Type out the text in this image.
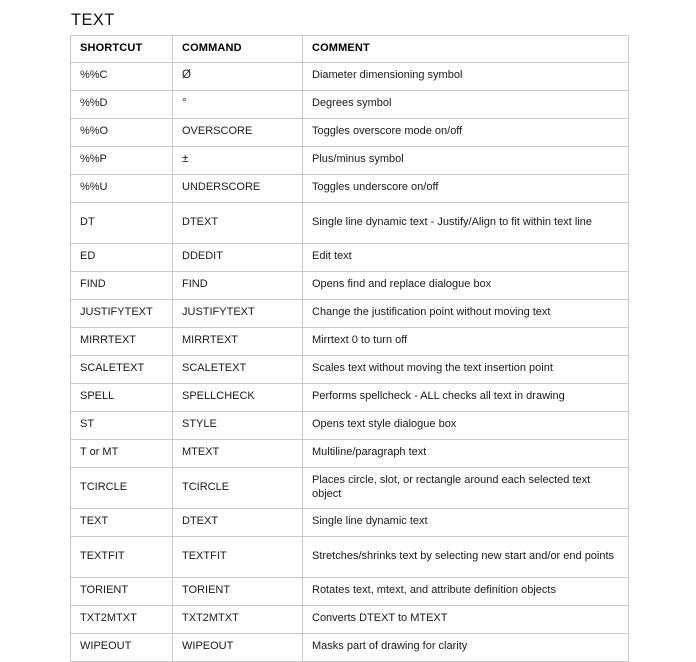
TEXT
SHORTCUT	COMMAND	COMMENT
%%C	Ø	Diameter dimensioning symbol
%%D	°	Degrees symbol
%%O	OVERSCORE	Toggles overscore mode on/off
%%P	±	Plus/minus symbol
%%U	UNDERSCORE	Toggles underscore on/off
DT	DTEXT	Single line dynamic text - Justify/Align to fit within text line
ED	DDEDIT	Edit text
FIND	FIND	Opens find and replace dialogue box
JUSTIFYTEXT	JUSTIFYTEXT	Change the justification point without moving text
MIRRTEXT	MIRRTEXT	Mirrtext 0 to turn off
SCALETEXT	SCALETEXT	Scales text without moving the text insertion point
SPELL	SPELLCHECK	Performs spellcheck - ALL checks all text in drawing
ST	STYLE	Opens text style dialogue box
T or MT	MTEXT	Multiline/paragraph text
TCIRCLE	TCIRCLE	Places circle, slot, or rectangle around each selected text object
TEXT	DTEXT	Single line dynamic text
TEXTFIT	TEXTFIT	Stretches/shrinks text by selecting new start and/or end points
TORIENT	TORIENT	Rotates text, mtext, and attribute definition objects
TXT2MTXT	TXT2MTXT	Converts DTEXT to MTEXT
WIPEOUT	WIPEOUT	Masks part of drawing for clarity
